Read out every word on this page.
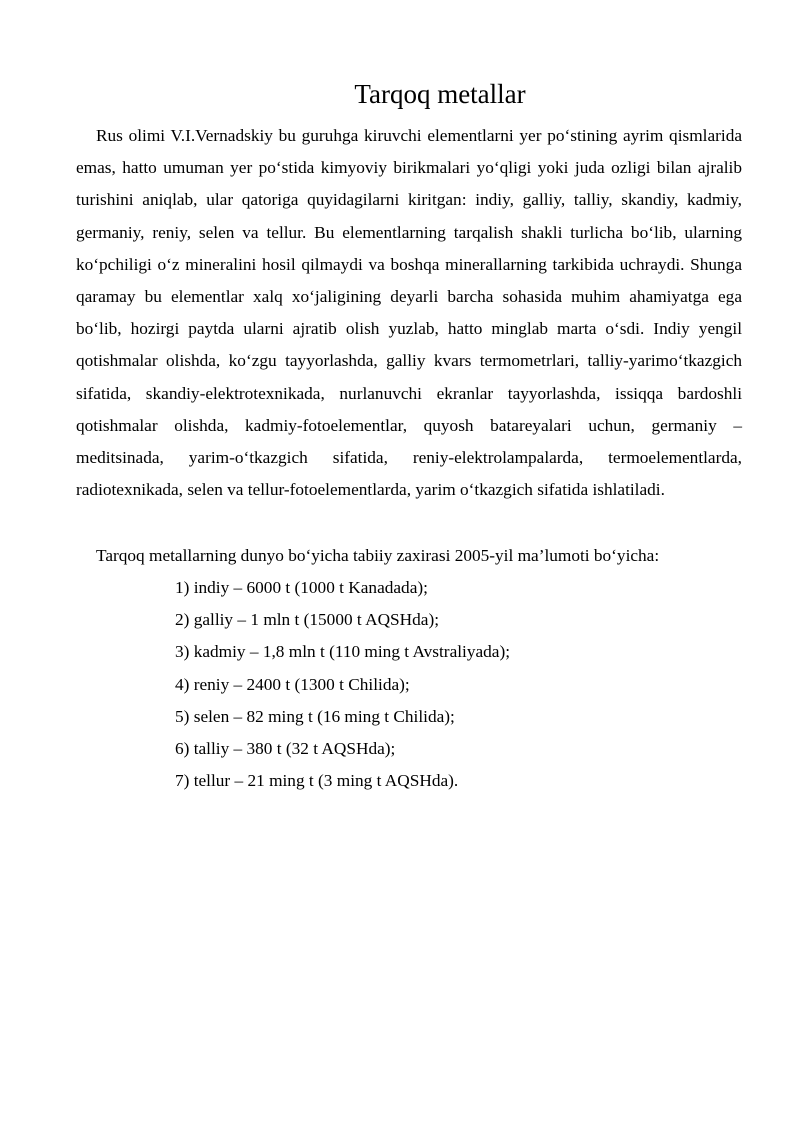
Tarqoq metallar

Rus olimi V.I.Vernadskiy bu guruhga kiruvchi elementlarni yer po‘stining ayrim qismlarida emas, hatto umuman yer po‘stida kimyoviy birikmalari yo‘qligi yoki juda ozligi bilan ajralib turishini aniqlab, ular qatoriga quyidagilarni kiritgan: indiy, galliy, talliy, skandiy, kadmiy, germaniy, reniy, selen va tellur. Bu elementlarning tarqalish shakli turlicha bo‘lib, ularning ko‘pchiligi o‘z mineralini hosil qilmaydi va boshqa minerallarning tarkibida uchraydi. Shunga qaramay bu elementlar xalq xo‘jaligining deyarli barcha sohasida muhim ahamiyatga ega bo‘lib, hozirgi paytda ularni ajratib olish yuzlab, hatto minglab marta o‘sdi. Indiy yengil qotishmalar olishda, ko‘zgu tayyorlashda, galliy kvars termometrlari, talliy-yarimo‘tkazgich sifatida, skandiy-elektrotexnikada, nurlanuvchi ekranlar tayyorlashda, issiqqa bardoshli qotishmalar olishda, kadmiy-fotoelementlar, quyosh batareyalari uchun, germaniy – meditsinada, yarim-o‘tkazgich sifatida, reniy-elektrolampalarda, termoelementlarda, radiotexnikada, selen va tellur-fotoelementlarda, yarim o‘tkazgich sifatida ishlatiladi.

Tarqoq metallarning dunyo bo‘yicha tabiiy zaxirasi 2005-yil ma’lumoti bo‘yicha:

1) indiy – 6000 t (1000 t Kanadada);
2) galliy – 1 mln t (15000 t AQSHda);
3) kadmiy – 1,8 mln t (110 ming t Avstraliyada);
4) reniy – 2400 t (1300 t Chilida);
5) selen – 82 ming t (16 ming t Chilida);
6) talliy – 380 t (32 t AQSHda);
7) tellur – 21 ming t (3 ming t AQSHda).
